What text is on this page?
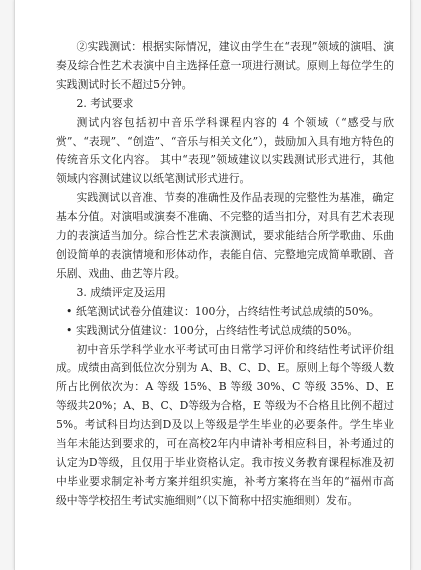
②实践测试：根据实际情况，建议由学生在“表现”领域的演唱、演奏及综合性艺术表演中自主选择任意一项进行测试。原则上每位学生的实践测试时长不超过5分钟。

2. 考试要求

测试内容包括初中音乐学科课程内容的 4 个领域（“感受与欣赏”、“表现”、“创造”、“音乐与相关文化”），鼓励加入具有地方特色的传统音乐文化内容。 其中“表现”领域建议以实践测试形式进行，其他领域内容测试建议以纸笔测试形式进行。

实践测试以音准、节奏的准确性及作品表现的完整性为基准，确定基本分值。对演唱或演奏不准确、不完整的适当扣分，对具有艺术表现力的表演适当加分。综合性艺术表演测试，要求能结合所学歌曲、乐曲创设简单的表演情境和形体动作，表能自信、完整地完成简单歌剧、音乐剧、戏曲、曲艺等片段。

3. 成绩评定及运用

• 纸笔测试试卷分值建议：100分，占终结性考试总成绩的50%。

• 实践测试分值建议：100分，占终结性考试总成绩的50%。

初中音乐学科学业水平考试可由日常学习评价和终结性考试评价组成。成绩由高到低位次分别为 A、B、C、D、E。原则上每个等级人数所占比例依次为：A 等级 15%、B 等级 30%、C 等级 35%、D、E 等级共20%；A、B、C、D等级为合格，E 等级为不合格且比例不超过5%。考试科目均达到D及以上等级是学生毕业的必要条件。学生毕业当年未能达到要求的，可在高校2年内申请补考相应科目，补考通过的认定为D等级，且仅用于毕业资格认定。我市按义务教育课程标准及初中毕业要求制定补考方案并组织实施，补考方案将在当年的“福州市高级中等学校招生考试实施细则”（以下简称中招实施细则）发布。
